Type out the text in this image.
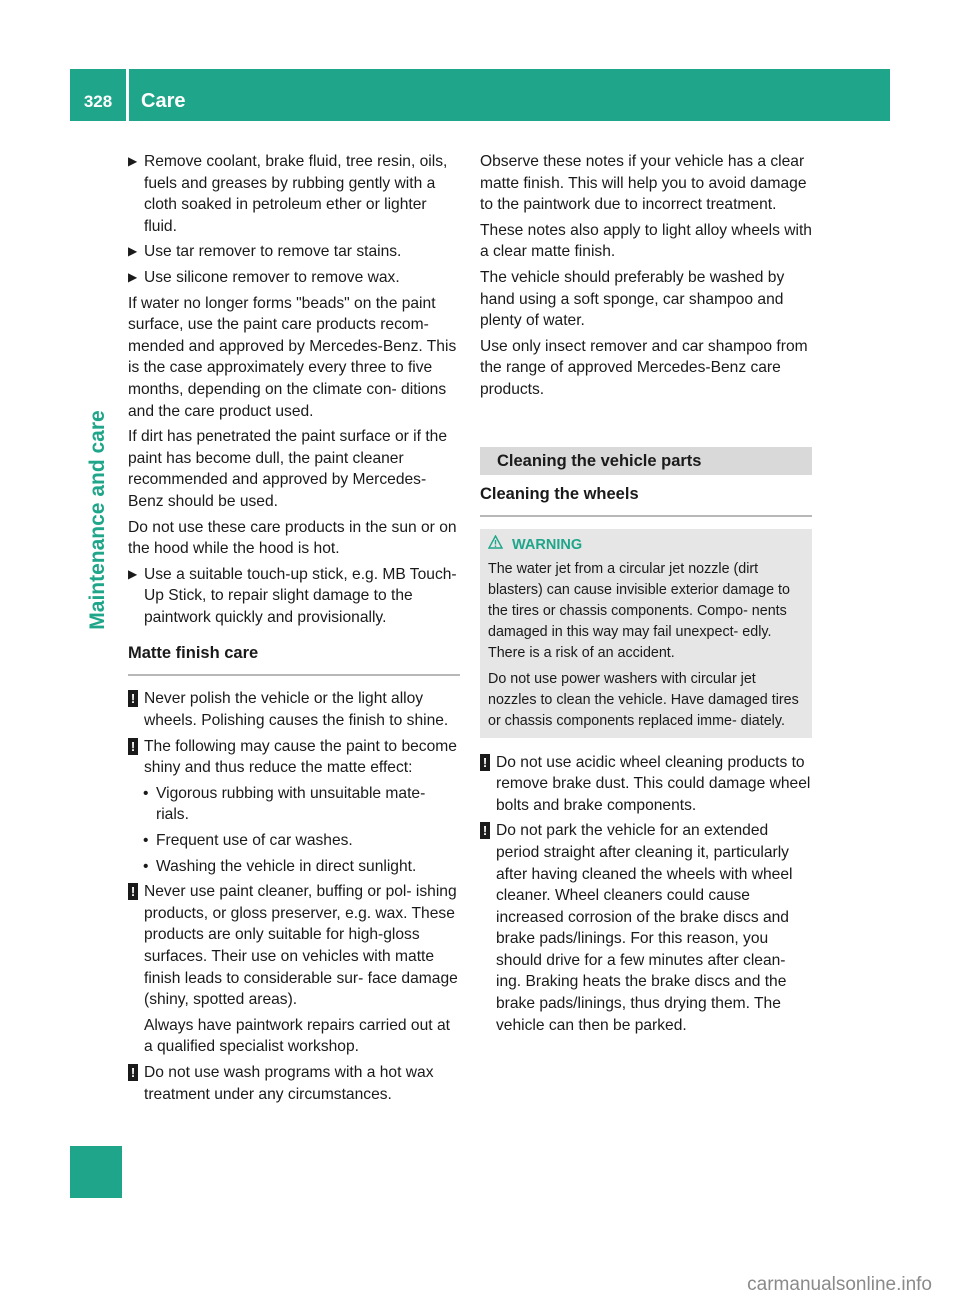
328	Care
Maintenance and care
▶ Remove coolant, brake fluid, tree resin, oils, fuels and greases by rubbing gently with a cloth soaked in petroleum ether or lighter fluid.
▶ Use tar remover to remove tar stains.
▶ Use silicone remover to remove wax.

If water no longer forms "beads" on the paint surface, use the paint care products recom- mended and approved by Mercedes-Benz. This is the case approximately every three to five months, depending on the climate con- ditions and the care product used.

If dirt has penetrated the paint surface or if the paint has become dull, the paint cleaner recommended and approved by Mercedes- Benz should be used.

Do not use these care products in the sun or on the hood while the hood is hot.

▶ Use a suitable touch-up stick, e.g. MB Touch-Up Stick, to repair slight damage to the paintwork quickly and provisionally.
Matte finish care
! Never polish the vehicle or the light alloy wheels. Polishing causes the finish to shine.
! The following may cause the paint to become shiny and thus reduce the matte effect:
• Vigorous rubbing with unsuitable mate- rials.
• Frequent use of car washes.
• Washing the vehicle in direct sunlight.
! Never use paint cleaner, buffing or pol- ishing products, or gloss preserver, e.g. wax. These products are only suitable for high-gloss surfaces. Their use on vehicles with matte finish leads to considerable sur- face damage (shiny, spotted areas).
Always have paintwork repairs carried out at a qualified specialist workshop.
! Do not use wash programs with a hot wax treatment under any circumstances.

Observe these notes if your vehicle has a clear matte finish. This will help you to avoid damage to the paintwork due to incorrect treatment.

These notes also apply to light alloy wheels with a clear matte finish.

The vehicle should preferably be washed by hand using a soft sponge, car shampoo and plenty of water.

Use only insect remover and car shampoo from the range of approved Mercedes-Benz care products.

Cleaning the vehicle parts
Cleaning the wheels
WARNING

The water jet from a circular jet nozzle (dirt blasters) can cause invisible exterior damage to the tires or chassis components. Compo- nents damaged in this way may fail unexpect- edly. There is a risk of an accident.

Do not use power washers with circular jet nozzles to clean the vehicle. Have damaged tires or chassis components replaced imme- diately.

! Do not use acidic wheel cleaning products to remove brake dust. This could damage wheel bolts and brake components.
! Do not park the vehicle for an extended period straight after cleaning it, particularly after having cleaned the wheels with wheel cleaner. Wheel cleaners could cause increased corrosion of the brake discs and brake pads/linings. For this reason, you should drive for a few minutes after clean- ing. Braking heats the brake discs and the brake pads/linings, thus drying them. The vehicle can then be parked.
carmanualsonline.info
